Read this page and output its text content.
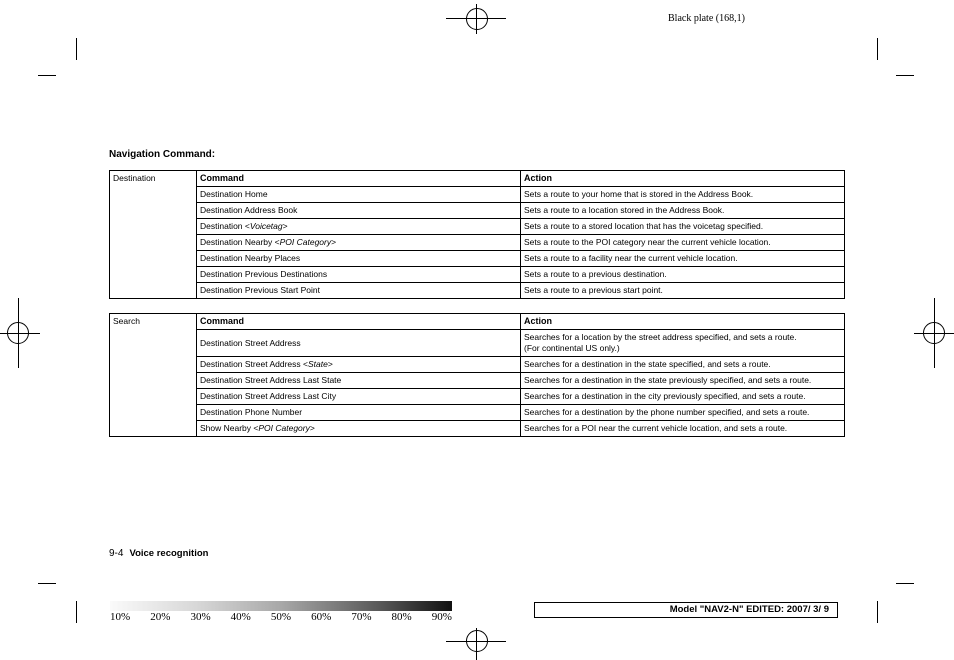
Black plate (168,1)
Navigation Command:
Destination	Command	Action
	Destination Home	Sets a route to your home that is stored in the Address Book.
	Destination Address Book	Sets a route to a location stored in the Address Book.
	Destination <Voicetag>	Sets a route to a stored location that has the voicetag specified.
	Destination Nearby <POI Category>	Sets a route to the POI category near the current vehicle location.
	Destination Nearby Places	Sets a route to a facility near the current vehicle location.
	Destination Previous Destinations	Sets a route to a previous destination.
	Destination Previous Start Point	Sets a route to a previous start point.
Search	Command	Action
	Destination Street Address	Searches for a location by the street address specified, and sets a route.
(For continental US only.)

	Destination Street Address <State>	Searches for a destination in the state specified, and sets a route.
	Destination Street Address Last State	Searches for a destination in the state previously specified, and sets a route.
	Destination Street Address Last City	Searches for a destination in the city previously specified, and sets a route.
	Destination Phone Number	Searches for a destination by the phone number specified, and sets a route.
	Show Nearby <POI Category>	Searches for a POI near the current vehicle location, and sets a route.
9-4 Voice recognition
10% 20% 30% 40% 50% 60% 70% 80% 90%
Model "NAV2-N" EDITED: 2007/ 3/ 9
